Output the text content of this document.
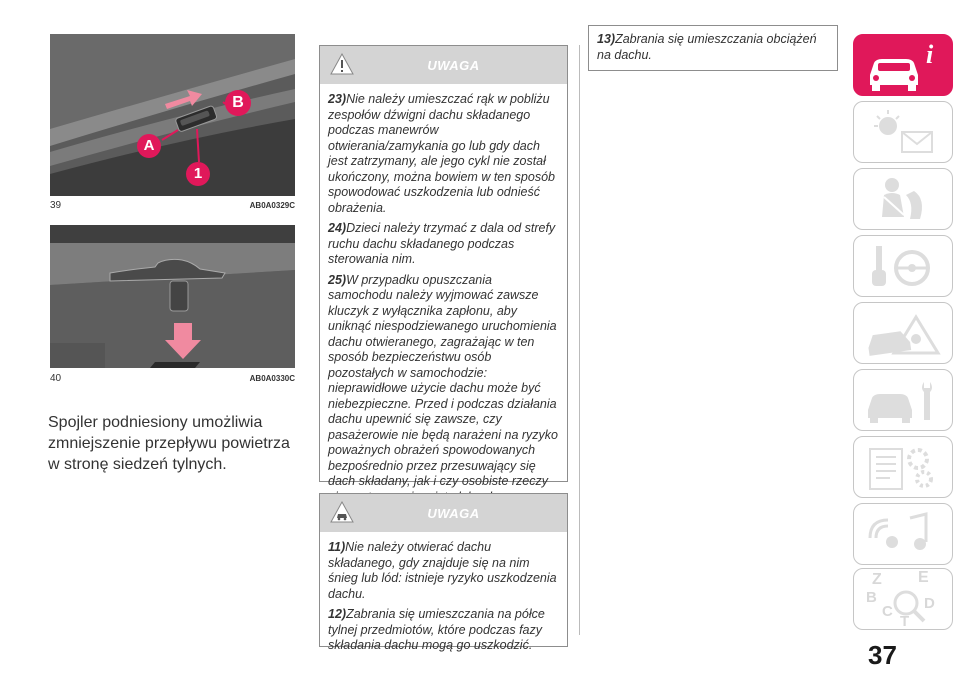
A
B
1
39	AB0A0329C
40	AB0A0330C

Spojler podniesiony umożliwia zmniejszenie przepływu powietrza w stronę siedzeń tylnych.

UWAGA

23)Nie należy umieszczać rąk w pobliżu zespołów dźwigni dachu składanego podczas manewrów otwierania/zamykania go lub gdy dach jest zatrzymany, ale jego cykl nie został ukończony, można bowiem w ten sposób spowodować uszkodzenia lub odnieść obrażenia.

24)Dzieci należy trzymać z dala od strefy ruchu dachu składanego podczas sterowania nim.

25)W przypadku opuszczania samochodu należy wyjmować zawsze kluczyk z wyłącznika zapłonu, aby uniknąć niespodziewanego uruchomienia dachu otwieranego, zagrażając w ten sposób bezpieczeństwu osób pozostałych w samochodzie: nieprawidłowe użycie dachu może być niebezpieczne. Przed i podczas działania dachu upewnić się zawsze, czy pasażerowie nie będą narażeni na ryzyko poważnych obrażeń spowodowanych bezpośrednio przez przesuwający się dach składany, jak i czy osobiste rzeczy

UWAGA

11)Nie należy otwierać dachu składanego, gdy znajduje się na nim śnieg lub lód: istnieje ryzyko uszkodzenia dachu.

12)Zabrania się umieszczania na półce tylnej przedmiotów, które podczas fazy składania dachu mogą go uszkodzić.

13)Zabrania się umieszczania obciążeń na dachu.	i
Z E
B
C
T
D
37
